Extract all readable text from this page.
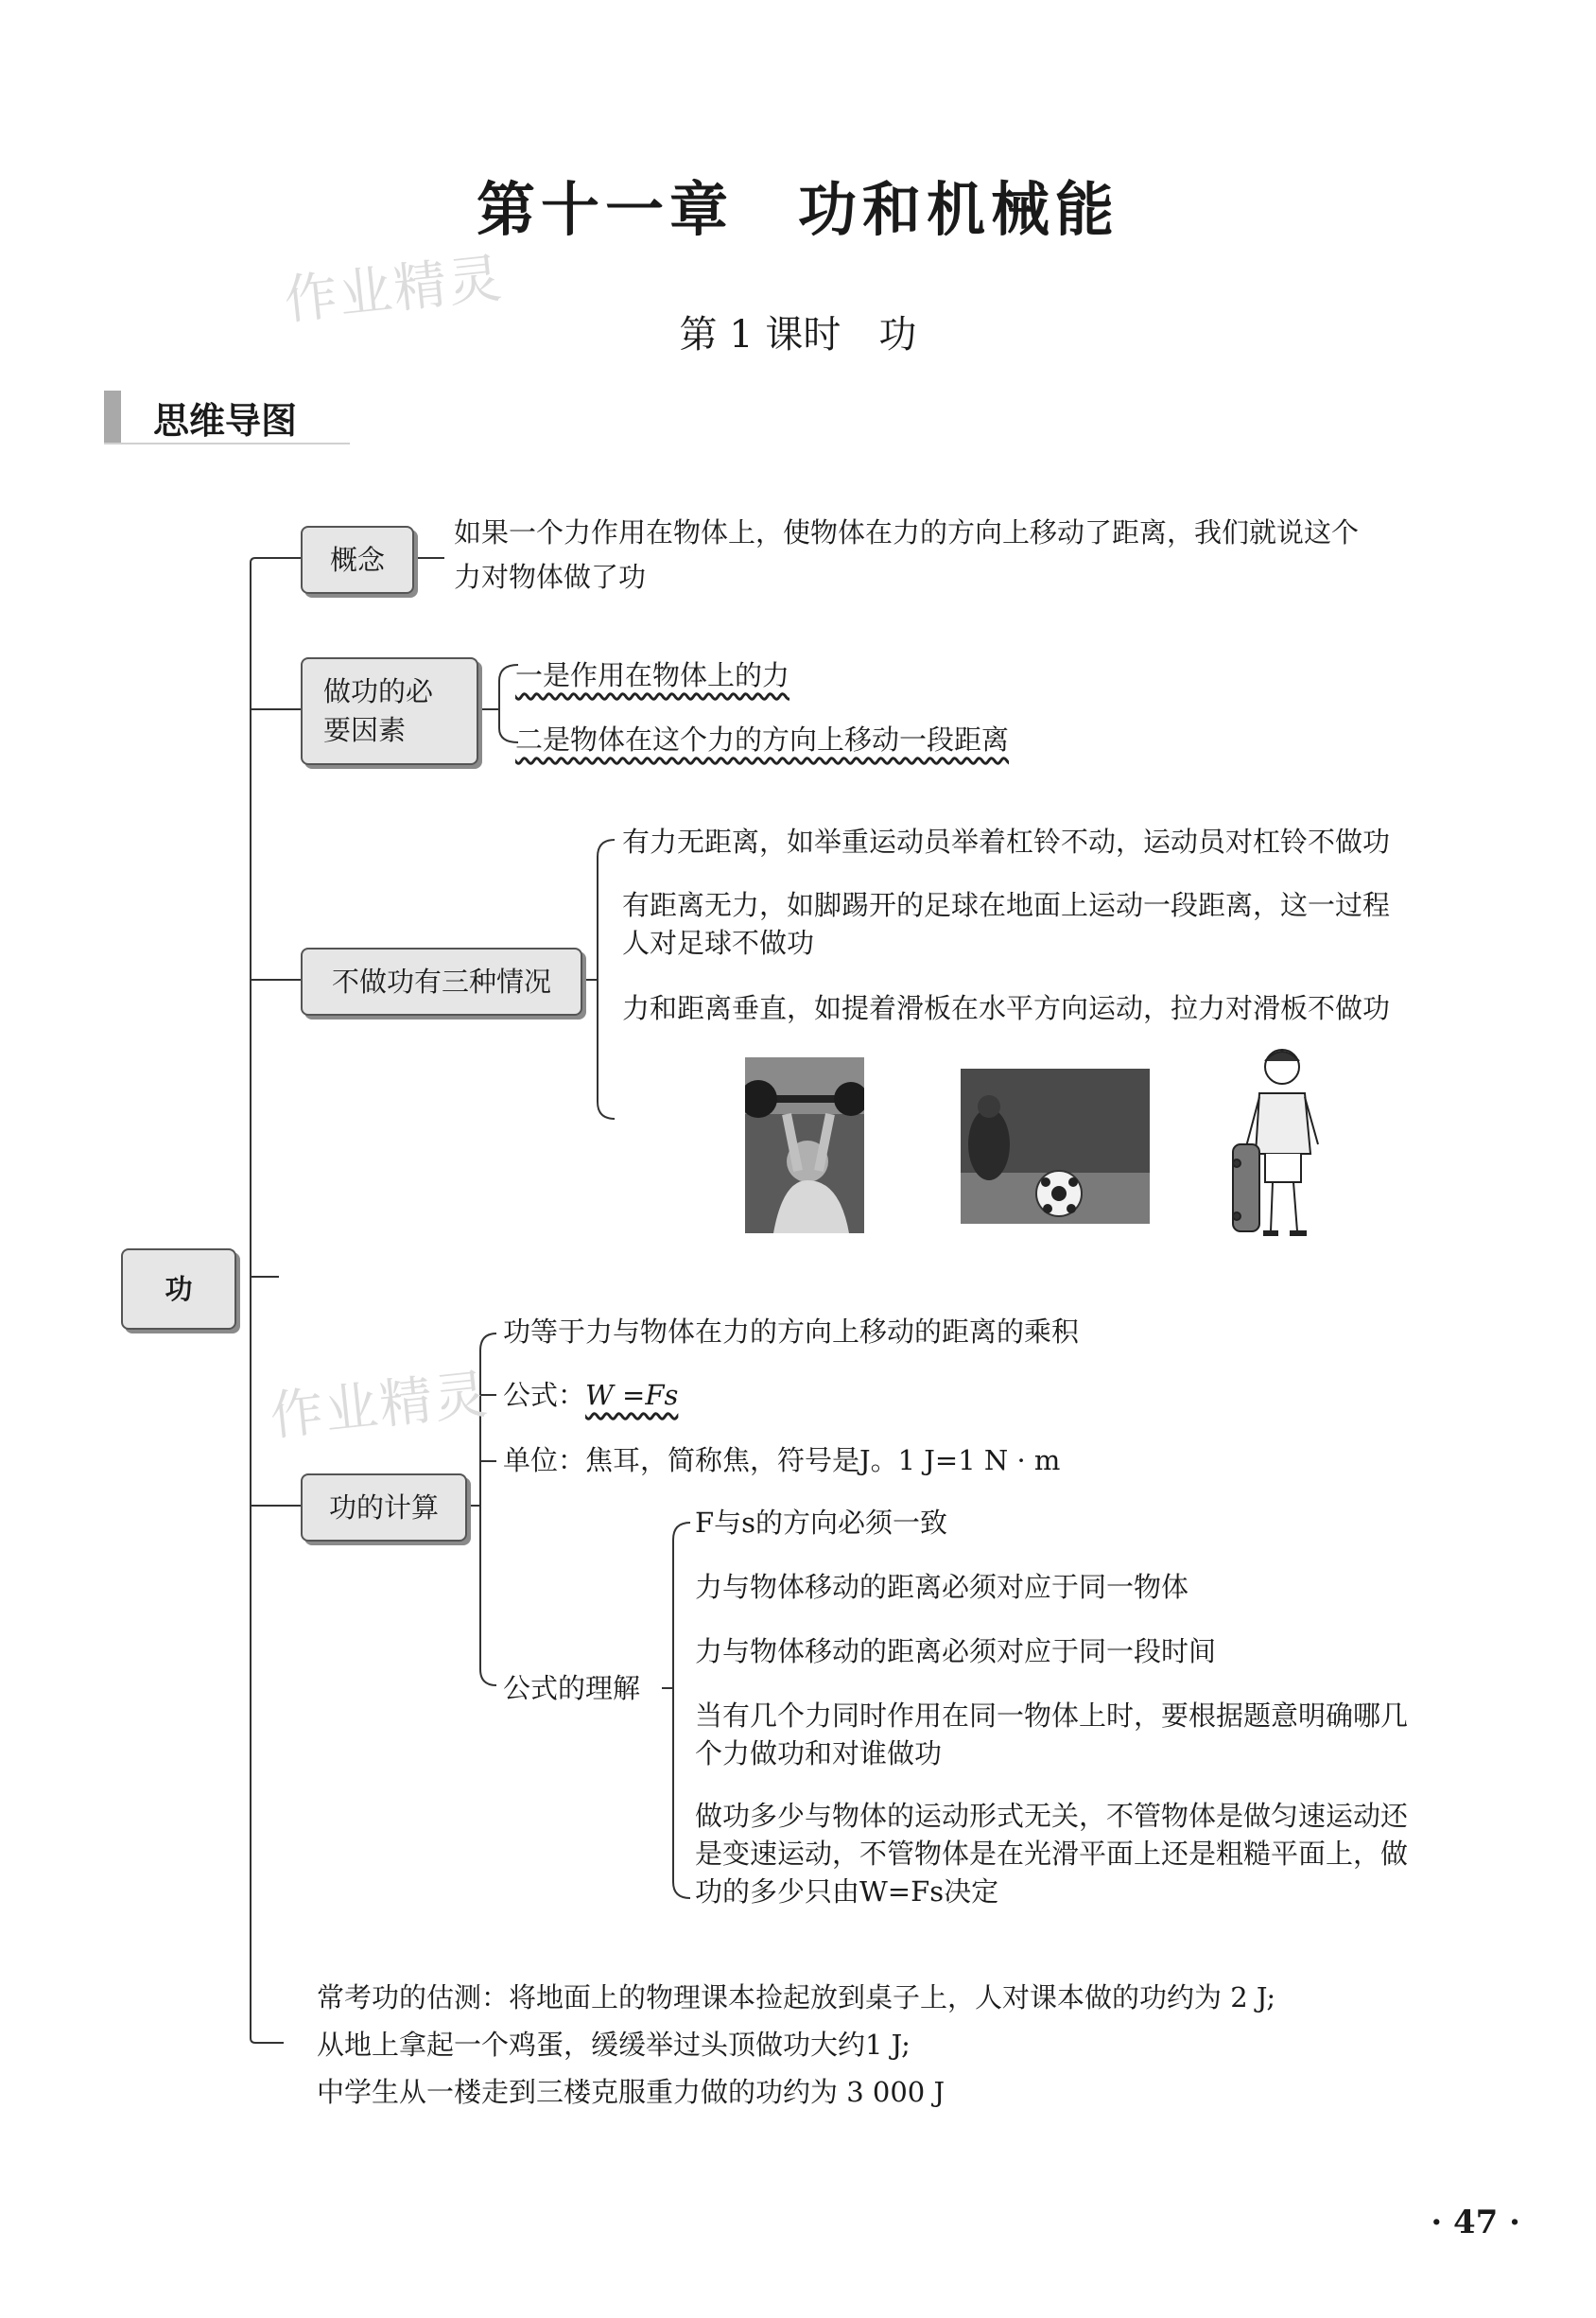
第十一章　功和机械能
作业精灵
第 1 课时　功
思维导图
功
概念
如果一个力作用在物体上，使物体在力的方向上移动了距离，我们就说这个
力对物体做了功
做功的必
要因素
一是作用在物体上的力
二是物体在这个力的方向上移动一段距离
不做功有三种情况
有力无距离，如举重运动员举着杠铃不动，运动员对杠铃不做功
有距离无力，如脚踢开的足球在地面上运动一段距离，这一过程
人对足球不做功
力和距离垂直，如提着滑板在水平方向运动，拉力对滑板不做功
作业精灵
功的计算
功等于力与物体在力的方向上移动的距离的乘积
公式：W =Fs
单位：焦耳，简称焦，符号是J。1 J=1 N · m
公式的理解
F与s的方向必须一致
力与物体移动的距离必须对应于同一物体
力与物体移动的距离必须对应于同一段时间
当有几个力同时作用在同一物体上时，要根据题意明确哪几
个力做功和对谁做功
做功多少与物体的运动形式无关，不管物体是做匀速运动还
是变速运动，不管物体是在光滑平面上还是粗糙平面上，做
功的多少只由W=Fs决定
常考功的估测：将地面上的物理课本捡起放到桌子上，人对课本做的功约为 2 J;
从地上拿起一个鸡蛋，缓缓举过头顶做功大约1 J;
中学生从一楼走到三楼克服重力做的功约为 3 000 J
· 47 ·
